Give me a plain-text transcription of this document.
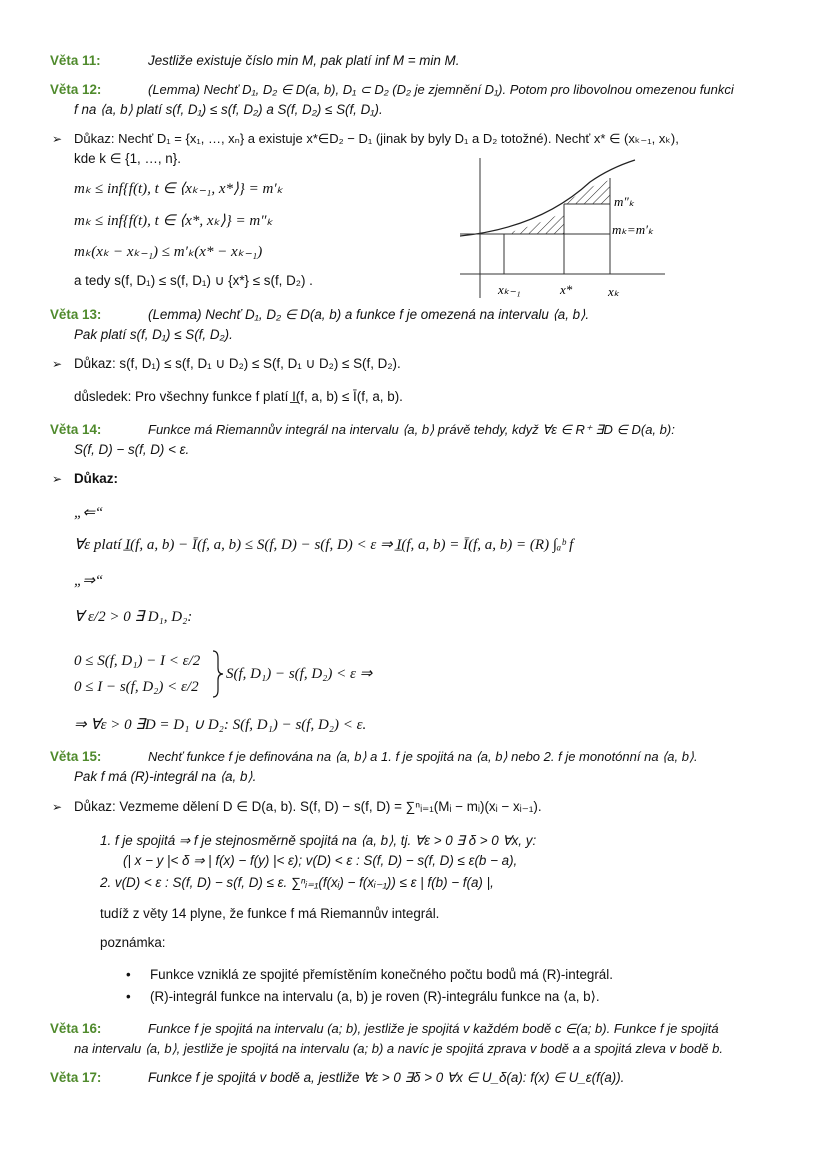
Věta 11:	Jestliže existuje číslo min M, pak platí inf M = min M.
Věta 12:	(Lemma) Nechť D₁, D₂ ∈ D(a, b), D₁ ⊂ D₂ (D₂ je zjemnění D₁). Potom pro libovolnou omezenou funkci
f na ⟨a, b⟩ platí s(f, D₁) ≤ s(f, D₂) a S(f, D₂) ≤ S(f, D₁).
➢ Důkaz: Nechť D₁ = {x₁, …, xₙ} a existuje x*∈D₂ − D₁ (jinak by byly D₁ a D₂ totožné). Nechť x* ∈ (xₖ₋₁, xₖ),
kde k ∈ {1, …, n}.
mₖ ≤ inf{f(t), t ∈ ⟨xₖ₋₁, x*⟩} = m′ₖ
mₖ ≤ inf{f(t), t ∈ ⟨x*, xₖ⟩} = m″ₖ
mₖ(xₖ − xₖ₋₁) ≤ m′ₖ(x* − xₖ₋₁)
a tedy s(f, D₁) ≤ s(f, D₁) ∪ {x*} ≤ s(f, D₂) .
m″ₖ
mₖ=m′ₖ
xₖ₋₁	x*	xₖ
Věta 13:	(Lemma) Nechť D₁, D₂ ∈ D(a, b) a funkce f je omezená na intervalu ⟨a, b⟩.
Pak platí s(f, D₁) ≤ S(f, D₂).
➢ Důkaz: s(f, D₁) ≤ s(f, D₁ ∪ D₂) ≤ S(f, D₁ ∪ D₂) ≤ S(f, D₂).
důsledek: Pro všechny funkce f platí I̲(f, a, b) ≤ Ī(f, a, b).
Věta 14:	Funkce má Riemannův integrál na intervalu ⟨a, b⟩ právě tehdy, když ∀ε ∈ R⁺ ∃D ∈ D(a, b):
S(f, D) − s(f, D) < ε.
➢ Důkaz:
„⇐“
∀ε platí I̲(f, a, b) − Ī(f, a, b) ≤ S(f, D) − s(f, D) < ε ⇒ I̲(f, a, b) = Ī(f, a, b) = (R) ∫ₐᵇ f
„⇒“
∀ ε/2 > 0 ∃ D₁, D₂:
0 ≤ S(f, D₁) − I < ε/2
0 ≤ I − s(f, D₂) < ε/2
S(f, D₁) − s(f, D₂) < ε ⇒
⇒ ∀ε > 0 ∃D = D₁ ∪ D₂: S(f, D₁) − s(f, D₂) < ε.
Věta 15:	Nechť funkce f je definována na ⟨a, b⟩ a 1. f je spojitá na ⟨a, b⟩ nebo 2. f je monotónní na ⟨a, b⟩.
Pak f má (R)-integrál na ⟨a, b⟩.
➢ Důkaz: Vezmeme dělení D ∈ D(a, b). S(f, D) − s(f, D) = ∑ⁿᵢ₌₁(Mᵢ − mᵢ)(xᵢ − xᵢ₋₁).
1. f je spojitá ⇒ f je stejnosměrně spojitá na ⟨a, b⟩, tj. ∀ε > 0 ∃ δ > 0 ∀x, y:
(| x − y |< δ ⇒ | f(x) − f(y) |< ε); v(D) < ε : S(f, D) − s(f, D) ≤ ε(b − a),
2. v(D) < ε : S(f, D) − s(f, D) ≤ ε. ∑ⁿᵢ₌₁(f(xᵢ) − f(xᵢ₋₁)) ≤ ε | f(b) − f(a) |,
tudíž z věty 14 plyne, že funkce f má Riemannův integrál.
poznámka:
• Funkce vzniklá ze spojité přemístěním konečného počtu bodů má (R)-integrál.
• (R)-integrál funkce na intervalu (a, b) je roven (R)-integrálu funkce na ⟨a, b⟩.
Věta 16:	Funkce f je spojitá na intervalu (a; b), jestliže je spojitá v každém bodě c ∈(a; b). Funkce f je spojitá
na intervalu ⟨a, b⟩, jestliže je spojitá na intervalu (a; b) a navíc je spojitá zprava v bodě a a spojitá zleva v bodě b.
Věta 17:	Funkce f je spojitá v bodě a, jestliže ∀ε > 0 ∃δ > 0 ∀x ∈ U_δ(a): f(x) ∈ U_ε(f(a)).
